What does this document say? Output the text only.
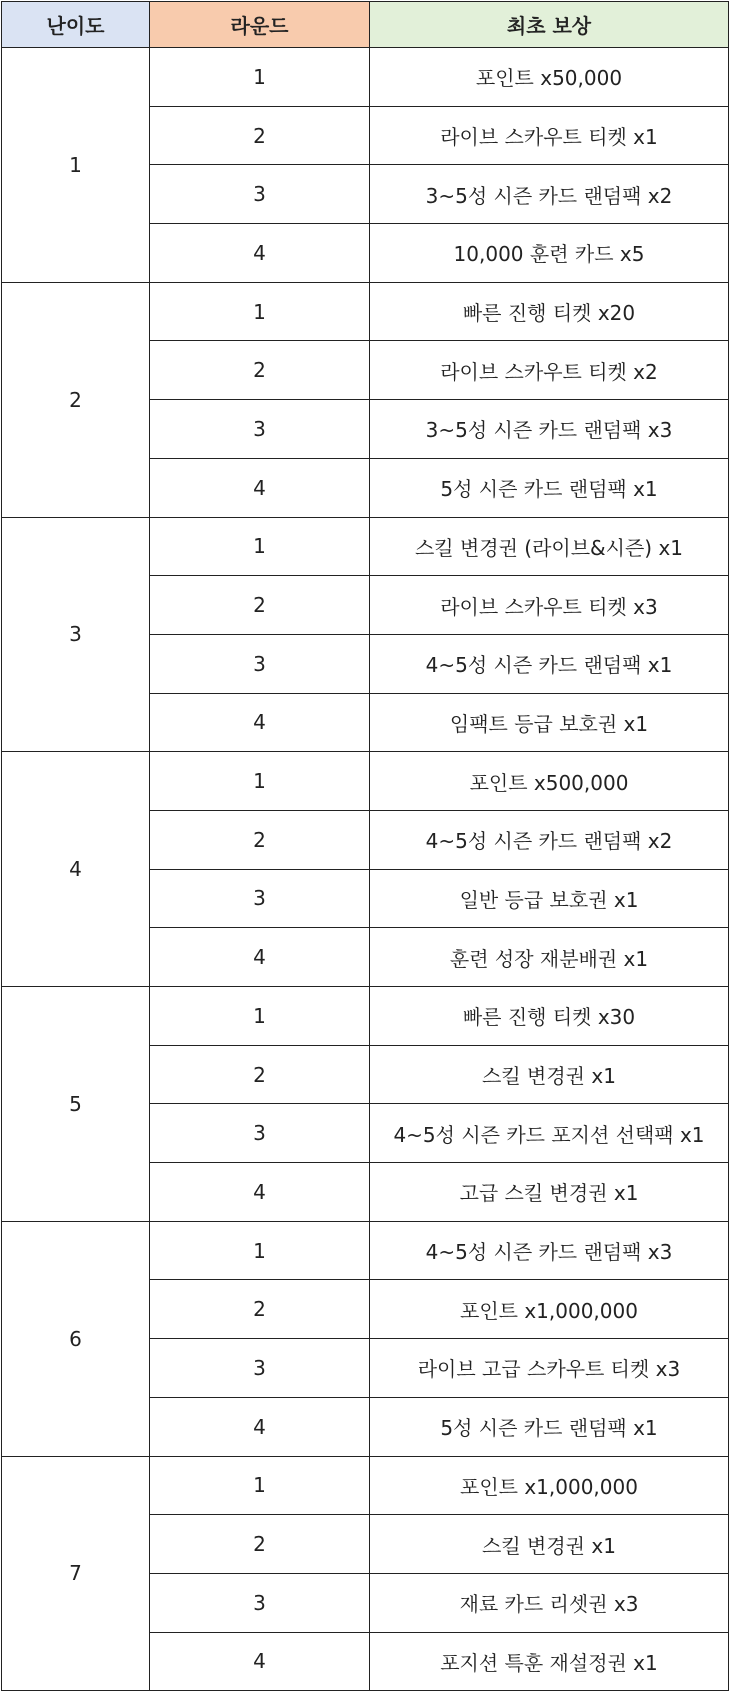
난이도	라운드	최초 보상
1	1	포인트 x50,000
	2	라이브 스카우트 티켓 x1
	3	3~5성 시즌 카드 랜덤팩 x2
	4	10,000 훈련 카드 x5
2	1	빠른 진행 티켓 x20
	2	라이브 스카우트 티켓 x2
	3	3~5성 시즌 카드 랜덤팩 x3
	4	5성 시즌 카드 랜덤팩 x1
3	1	스킬 변경권 (라이브&시즌) x1
	2	라이브 스카우트 티켓 x3
	3	4~5성 시즌 카드 랜덤팩 x1
	4	임팩트 등급 보호권 x1
4	1	포인트 x500,000
	2	4~5성 시즌 카드 랜덤팩 x2
	3	일반 등급 보호권 x1
	4	훈련 성장 재분배권 x1
5	1	빠른 진행 티켓 x30
	2	스킬 변경권 x1
	3	4~5성 시즌 카드 포지션 선택팩 x1
	4	고급 스킬 변경권 x1
6	1	4~5성 시즌 카드 랜덤팩 x3
	2	포인트 x1,000,000
	3	라이브 고급 스카우트 티켓 x3
	4	5성 시즌 카드 랜덤팩 x1
7	1	포인트 x1,000,000
	2	스킬 변경권 x1
	3	재료 카드 리셋권 x3
	4	포지션 특훈 재설정권 x1
